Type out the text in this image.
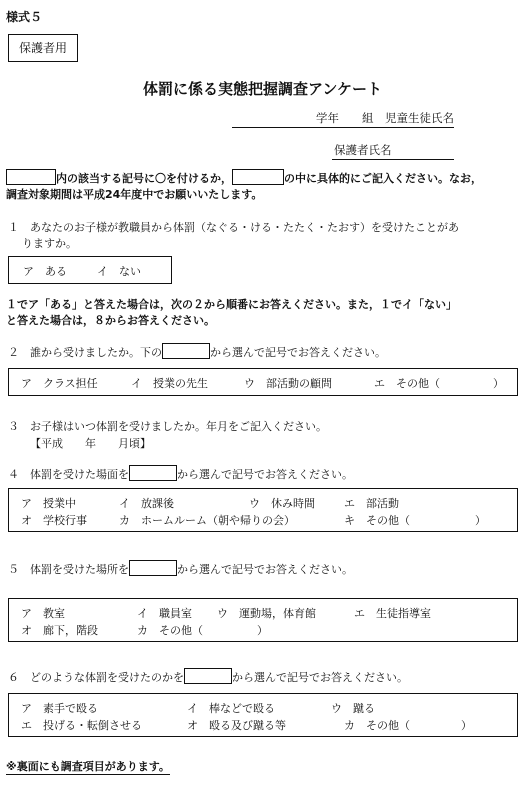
様式５
保護者用
体罰に係る実態把握調査アンケート
学年　　組　児童生徒氏名
保護者氏名
内の該当する記号に〇を付けるか，	の中に具体的にご記入ください。なお，
調査対象期間は平成24年度中でお願いいたします。
１　あなたのお子様が教職員から体罰（なぐる・ける・たたく・たおす）を受けたことがあ
りますか。
ア　ある	イ　ない
１でア「ある」と答えた場合は，次の２から順番にお答えください。また，１でイ「ない」
と答えた場合は，８からお答えください。
２　誰から受けましたか。下の	から選んで記号でお答えください。
ア　クラス担任	イ　授業の先生	ウ　部活動の顧問	エ　その他（	）
３　お子様はいつ体罰を受けましたか。年月をご記入ください。
【平成　　年　　月頃】
４　体罰を受けた場面を	から選んで記号でお答えください。
ア　授業中	イ　放課後	ウ　休み時間	エ　部活動
オ　学校行事	カ　ホームルーム（朝や帰りの会）	キ　その他（	）
５　体罰を受けた場所を	から選んで記号でお答えください。
ア　教室	イ　職員室 ウ　運動場，体育館	エ　生徒指導室
オ　廊下，階段	カ　その他（	）
６　どのような体罰を受けたのかを	から選んで記号でお答えください。
ア　素手で殴る	イ　棒などで殴る	ウ　蹴る
エ　投げる・転倒させる	オ　殴る及び蹴る等	カ　その他（	）
※裏面にも調査項目があります。
